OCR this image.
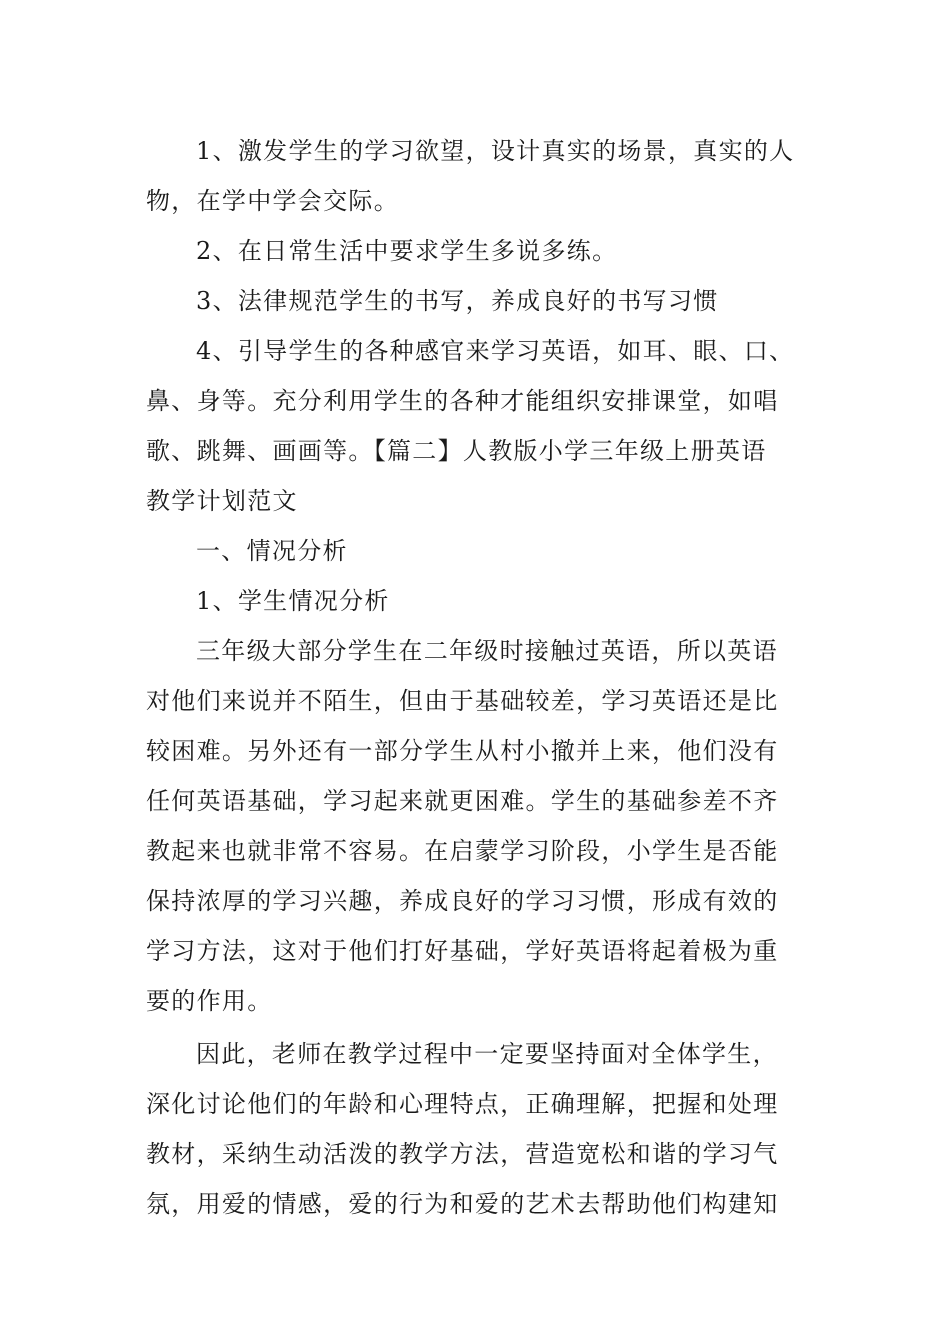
1、激发学生的学习欲望，设计真实的场景，真实的人
物，在学中学会交际。
2、在日常生活中要求学生多说多练。
3、法律规范学生的书写，养成良好的书写习惯
4、引导学生的各种感官来学习英语，如耳、眼、口、
鼻、身等。充分利用学生的各种才能组织安排课堂，如唱
歌、跳舞、画画等。【篇二】人教版小学三年级上册英语
教学计划范文
一、情况分析
1、学生情况分析
三年级大部分学生在二年级时接触过英语，所以英语
对他们来说并不陌生，但由于基础较差，学习英语还是比
较困难。另外还有一部分学生从村小撤并上来，他们没有
任何英语基础，学习起来就更困难。学生的基础参差不齐
教起来也就非常不容易。在启蒙学习阶段，小学生是否能
保持浓厚的学习兴趣，养成良好的学习习惯，形成有效的
学习方法，这对于他们打好基础，学好英语将起着极为重
要的作用。
因此，老师在教学过程中一定要坚持面对全体学生，
深化讨论他们的年龄和心理特点，正确理解，把握和处理
教材，采纳生动活泼的教学方法，营造宽松和谐的学习气
氛，用爱的情感，爱的行为和爱的艺术去帮助他们构建知
